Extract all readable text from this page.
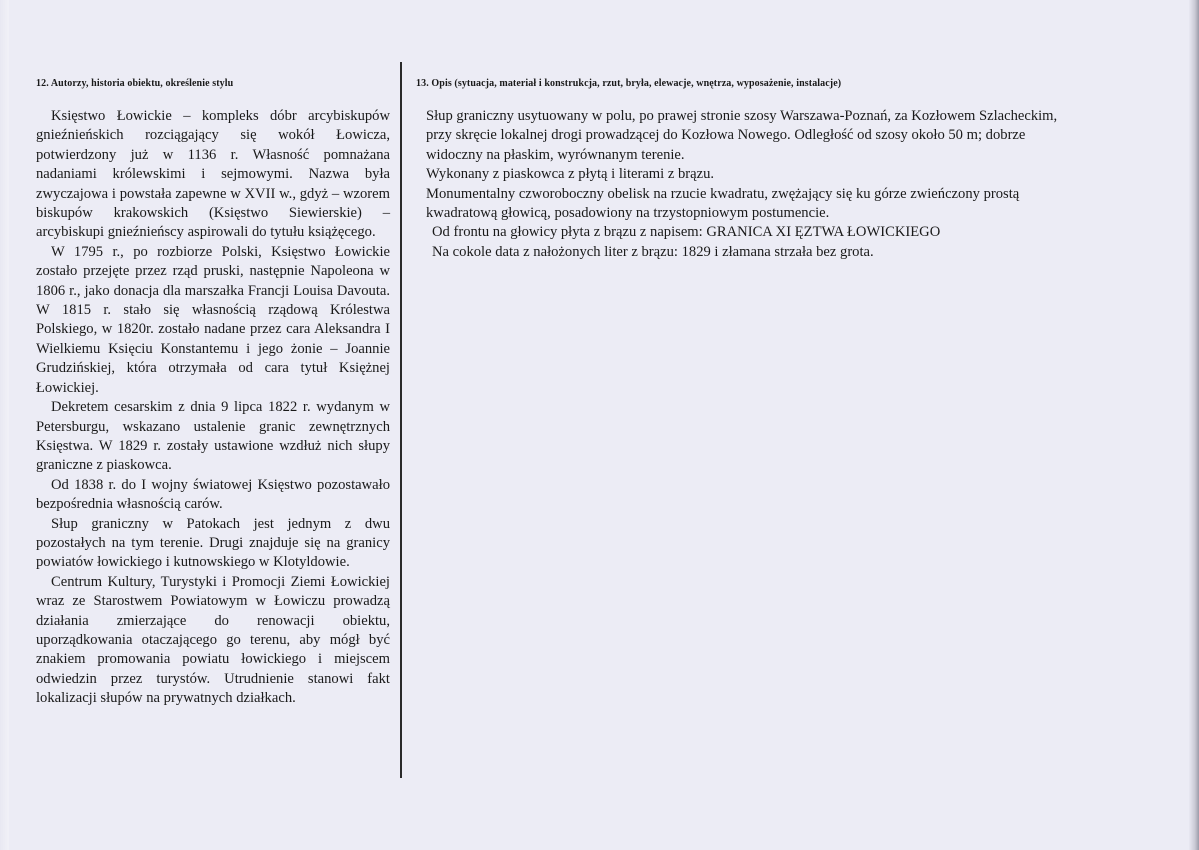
12. Autorzy, historia obiektu, określenie stylu	13. Opis (sytuacja, materiał i konstrukcja, rzut, bryła, elewacje, wnętrza, wyposażenie, instalacje)

Księstwo Łowickie – kompleks dóbr arcybiskupów gnieźnieńskich rozciągający się wokół Łowicza, potwierdzony już w 1136 r. Własność pomnażana nadaniami królewskimi i sejmowymi. Nazwa była zwyczajowa i powstała zapewne w XVII w., gdyż – wzorem biskupów krakowskich (Księstwo Siewierskie) – arcybiskupi gnieźnieńscy aspirowali do tytułu książęcego.

W 1795 r., po rozbiorze Polski, Księstwo Łowickie zostało przejęte przez rząd pruski, następnie Napoleona w 1806 r., jako donacja dla marszałka Francji Louisa Davouta. W 1815 r. stało się własnością rządową Królestwa Polskiego, w 1820r. zostało nadane przez cara Aleksandra I Wielkiemu Księciu Konstantemu i jego żonie – Joannie Grudzińskiej, która otrzymała od cara tytuł Księżnej Łowickiej.

Dekretem cesarskim z dnia 9 lipca 1822 r. wydanym w Petersburgu, wskazano ustalenie granic zewnętrznych Księstwa. W 1829 r. zostały ustawione wzdłuż nich słupy graniczne z piaskowca.

Od 1838 r. do I wojny światowej Księstwo pozostawało bezpośrednia własnością carów.

Słup graniczny w Patokach jest jednym z dwu pozostałych na tym terenie. Drugi znajduje się na granicy powiatów łowickiego i kutnowskiego w Klotyldowie.

Centrum Kultury, Turystyki i Promocji Ziemi Łowickiej wraz ze Starostwem Powiatowym w Łowiczu prowadzą działania zmierzające do renowacji obiektu, uporządkowania otaczającego go terenu, aby mógł być znakiem promowania powiatu łowickiego i miejscem odwiedzin przez turystów. Utrudnienie stanowi fakt lokalizacji słupów na prywatnych działkach.

Słup graniczny usytuowany w polu, po prawej stronie szosy Warszawa-Poznań, za Kozłowem Szlacheckim, przy skręcie lokalnej drogi prowadzącej do Kozłowa Nowego. Odległość od szosy około 50 m; dobrze widoczny na płaskim, wyrównanym terenie.

Wykonany z piaskowca z płytą i literami z brązu.

Monumentalny czworoboczny obelisk na rzucie kwadratu, zwężający się ku górze zwieńczony prostą kwadratową głowicą, posadowiony na trzystopniowym postumencie.

Od frontu na głowicy płyta z brązu z napisem: GRANICA XI ĘZTWA ŁOWICKIEGO

Na cokole data z nałożonych liter z brązu: 1829 i złamana strzała bez grota.
